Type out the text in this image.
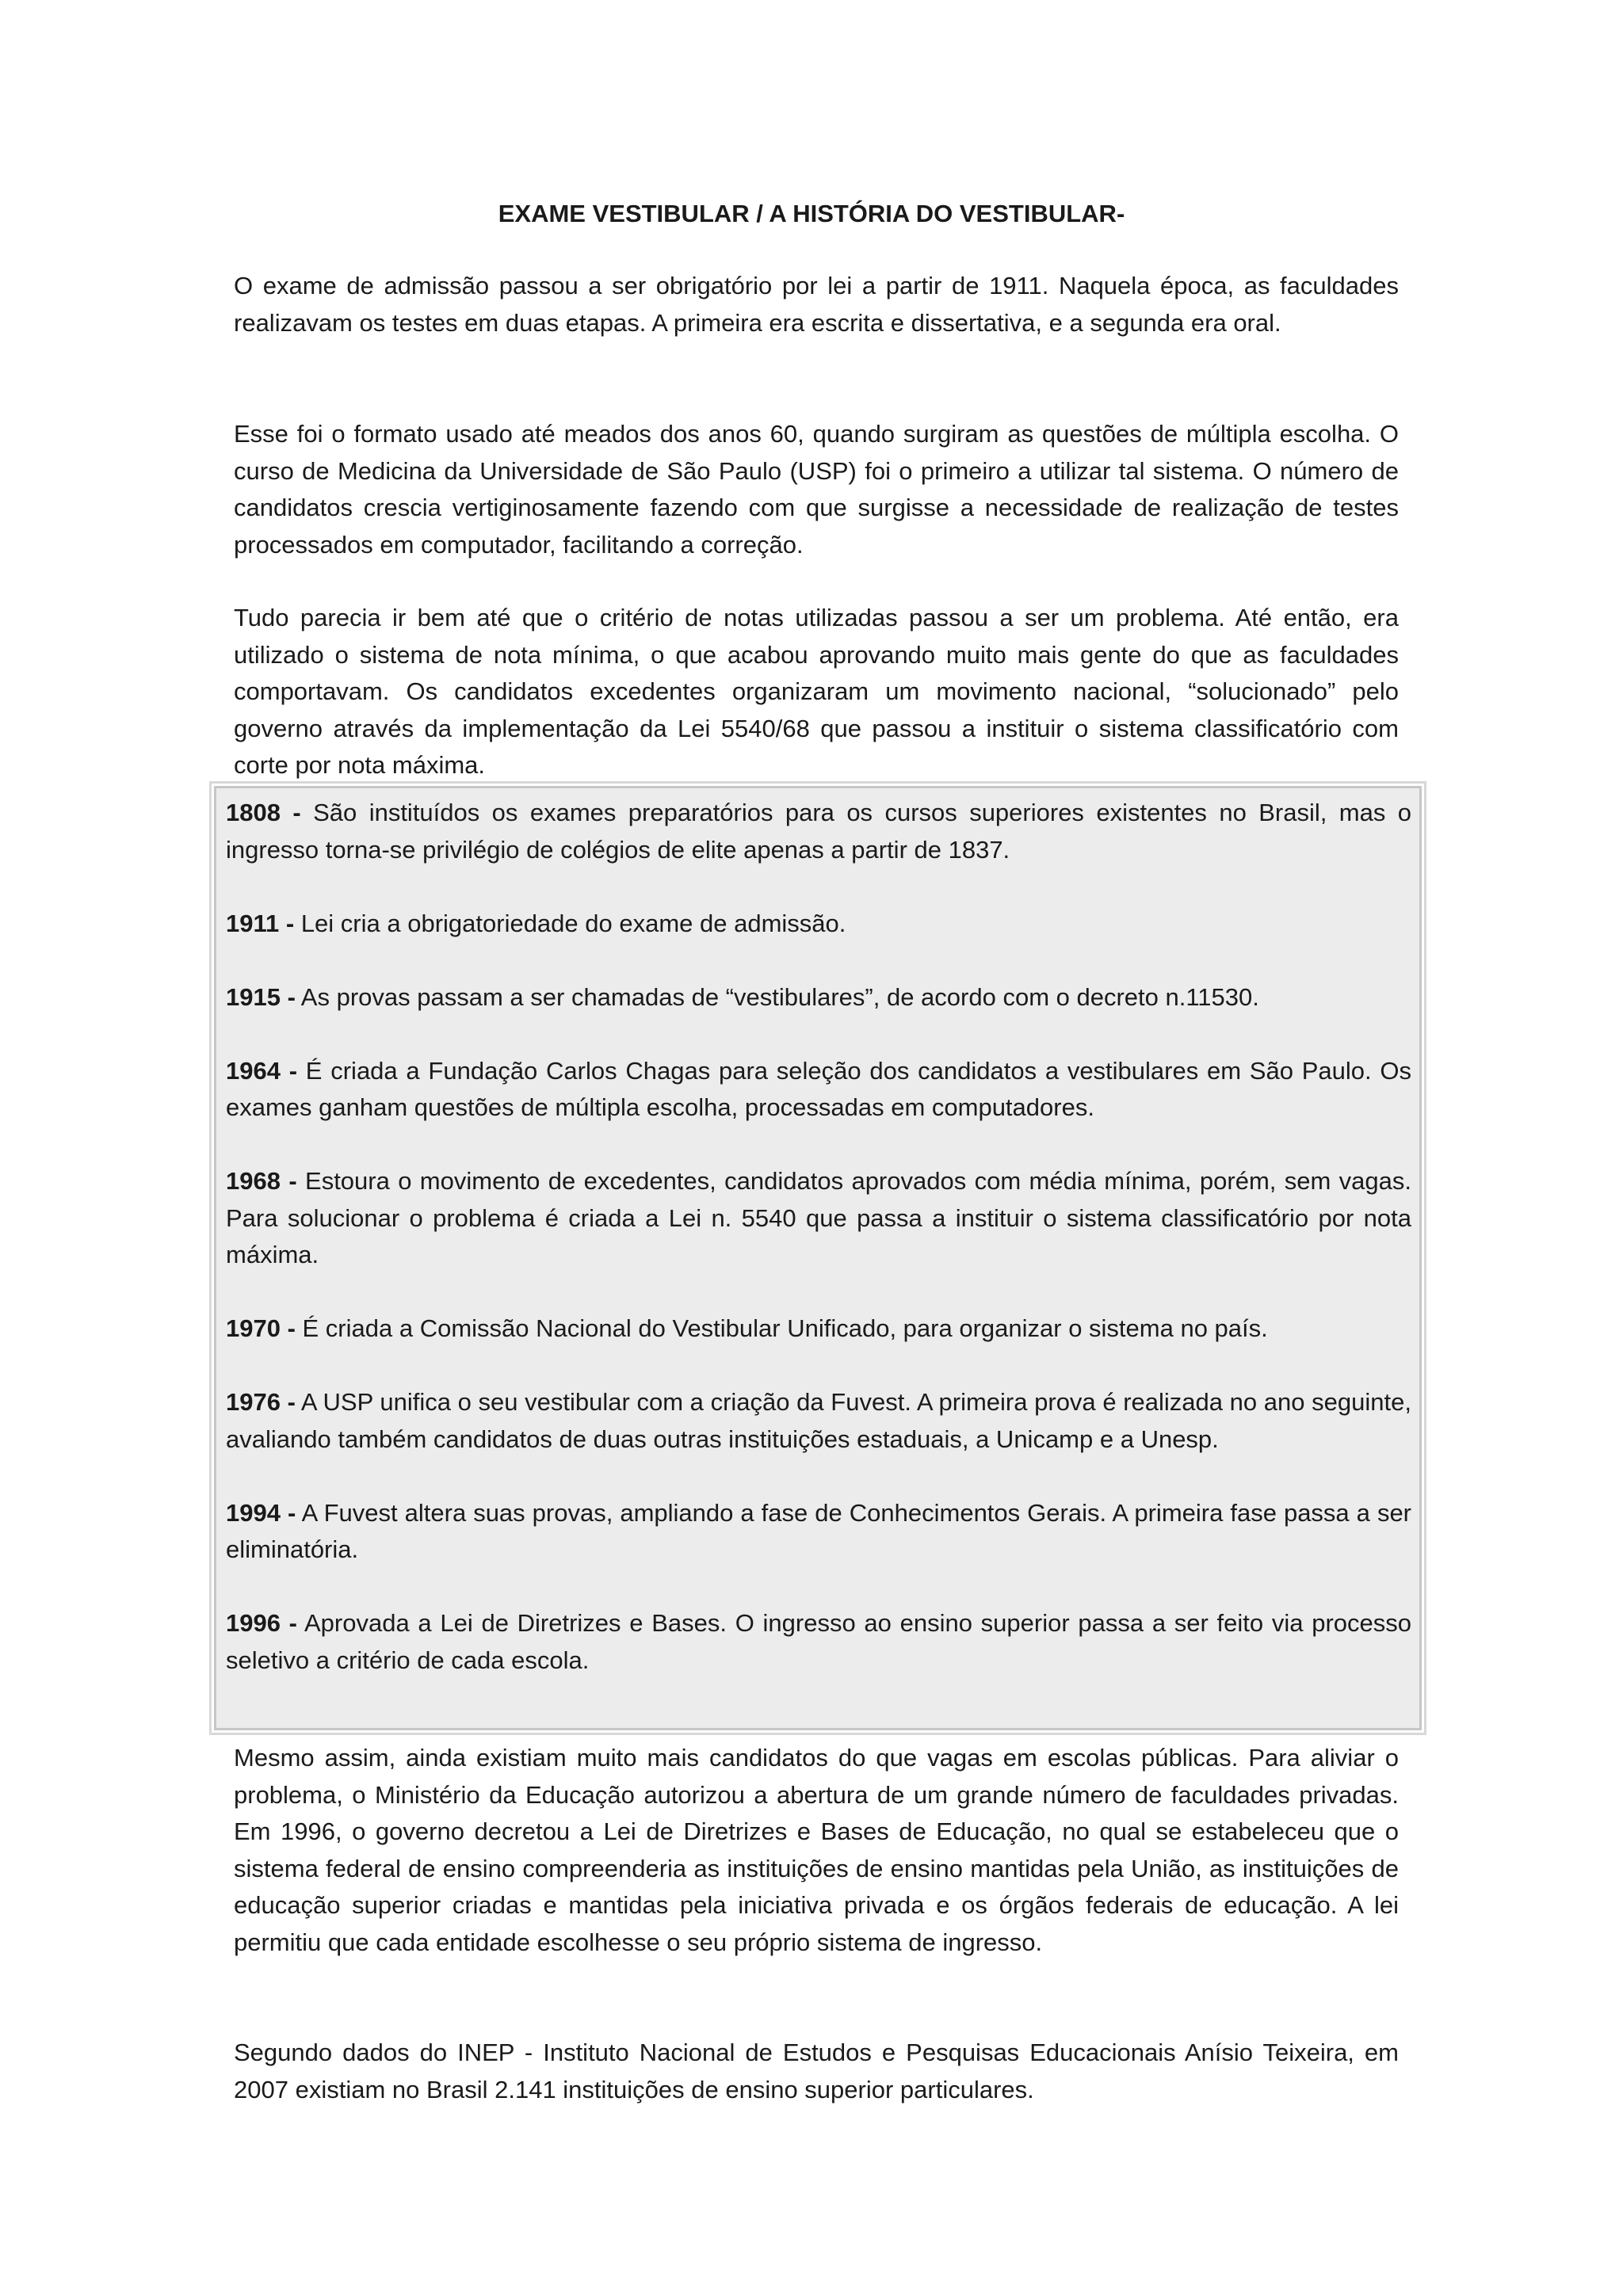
EXAME VESTIBULAR / A HISTÓRIA DO VESTIBULAR-

O exame de admissão passou a ser obrigatório por lei a partir de 1911. Naquela época, as faculdades realizavam os testes em duas etapas. A primeira era escrita e dissertativa, e a segunda era oral.

Esse foi o formato usado até meados dos anos 60, quando surgiram as questões de múltipla escolha. O curso de Medicina da Universidade de São Paulo (USP) foi o primeiro a utilizar tal sistema. O número de candidatos crescia vertiginosamente fazendo com que surgisse a necessidade de realização de testes processados em computador, facilitando a correção.

Tudo parecia ir bem até que o critério de notas utilizadas passou a ser um problema. Até então, era utilizado o sistema de nota mínima, o que acabou aprovando muito mais gente do que as faculdades comportavam. Os candidatos excedentes organizaram um movimento nacional, “solucionado” pelo governo através da implementação da Lei 5540/68 que passou a instituir o sistema classificatório com corte por nota máxima.

1808 - São instituídos os exames preparatórios para os cursos superiores existentes no Brasil, mas o ingresso torna-se privilégio de colégios de elite apenas a partir de 1837.

1911 - Lei cria a obrigatoriedade do exame de admissão.

1915 - As provas passam a ser chamadas de “vestibulares”, de acordo com o decreto n.11530.

1964 - É criada a Fundação Carlos Chagas para seleção dos candidatos a vestibulares em São Paulo. Os exames ganham questões de múltipla escolha, processadas em computadores.

1968 - Estoura o movimento de excedentes, candidatos aprovados com média mínima, porém, sem vagas. Para solucionar o problema é criada a Lei n. 5540 que passa a instituir o sistema classificatório por nota máxima.

1970 - É criada a Comissão Nacional do Vestibular Unificado, para organizar o sistema no país.

1976 - A USP unifica o seu vestibular com a criação da Fuvest. A primeira prova é realizada no ano seguinte, avaliando também candidatos de duas outras instituições estaduais, a Unicamp e a Unesp.

1994 - A Fuvest altera suas provas, ampliando a fase de Conhecimentos Gerais. A primeira fase passa a ser eliminatória.

1996 - Aprovada a Lei de Diretrizes e Bases. O ingresso ao ensino superior passa a ser feito via processo seletivo a critério de cada escola.

Mesmo assim, ainda existiam muito mais candidatos do que vagas em escolas públicas. Para aliviar o problema, o Ministério da Educação autorizou a abertura de um grande número de faculdades privadas. Em 1996, o governo decretou a Lei de Diretrizes e Bases de Educação, no qual se estabeleceu que o sistema federal de ensino compreenderia as instituições de ensino mantidas pela União, as instituições de educação superior criadas e mantidas pela iniciativa privada e os órgãos federais de educação. A lei permitiu que cada entidade escolhesse o seu próprio sistema de ingresso.

Segundo dados do INEP - Instituto Nacional de Estudos e Pesquisas Educacionais Anísio Teixeira, em 2007 existiam no Brasil 2.141 instituições de ensino superior particulares.
